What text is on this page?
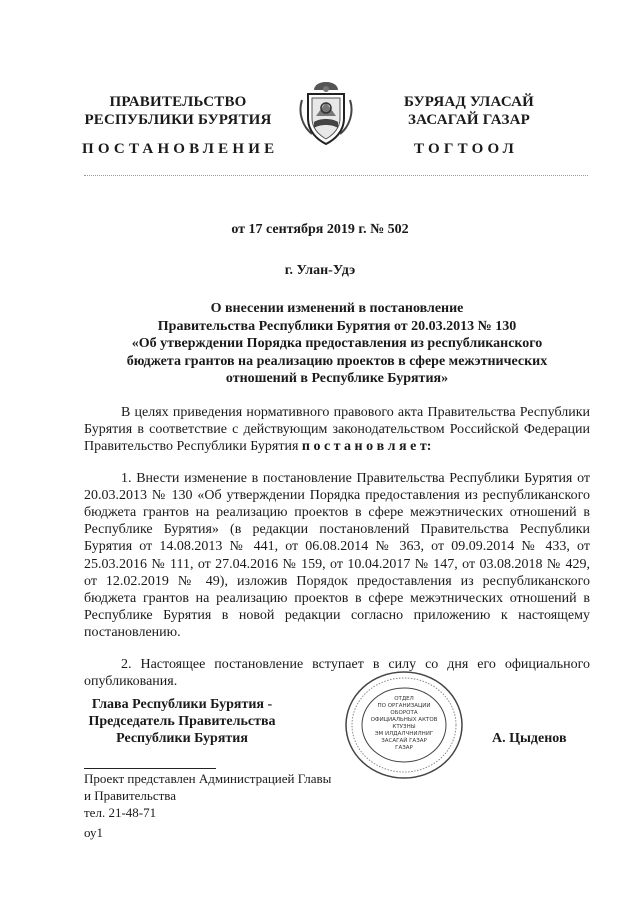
ПРАВИТЕЛЬСТВО
РЕСПУБЛИКИ БУРЯТИЯ
БУРЯАД УЛАСАЙ
ЗАСАГАЙ ГАЗАР
ПОСТАНОВЛЕНИЕ	ТОГТООЛ
от 17 сентября 2019 г. № 502
г. Улан-Удэ
О внесении изменений в постановление
Правительства Республики Бурятия от 20.03.2013 № 130
«Об утверждении Порядка предоставления из республиканского
бюджета грантов на реализацию проектов в сфере межэтнических
отношений в Республике Бурятия»

В целях приведения нормативного правового акта Правительства Республики Бурятия в соответствие с действующим законодательством Российской Федерации Правительство Республики Бурятия п о с т а н о в л я е т:

1. Внести изменение в постановление Правительства Республики Бурятия от 20.03.2013 № 130 «Об утверждении Порядка предоставления из республиканского бюджета грантов на реализацию проектов в сфере межэтнических отношений в Республике Бурятия» (в редакции постановлений Правительства Республики Бурятия от 14.08.2013 № 441, от 06.08.2014 № 363, от 09.09.2014 № 433, от 25.03.2016 № 111, от 27.04.2016 № 159, от 10.04.2017 № 147, от 03.08.2018 № 429, от 12.02.2019 № 49), изложив Порядок предоставления из республиканского бюджета грантов на реализацию проектов в сфере межэтнических отношений в Республике Бурятия в новой редакции согласно приложению к настоящему постановлению.

2. Настоящее постановление вступает в силу со дня его официального опубликования.

Глава Республики Бурятия -
Председатель Правительства
Республики Бурятия
ОТДЕЛ
ПО ОРГАНИЗАЦИИ
ОБОРОТА
ОФИЦИАЛЬНЫХ АКТОВ
КТУЗНЫ
ЭМ ИЛДАЛЧНИЛНИГ
ЗАСАГАЙ ГАЗАР
ГАЗАР
А. Цыденов
Проект представлен Администрацией Главы
и Правительства
тел. 21-48-71
оу1
